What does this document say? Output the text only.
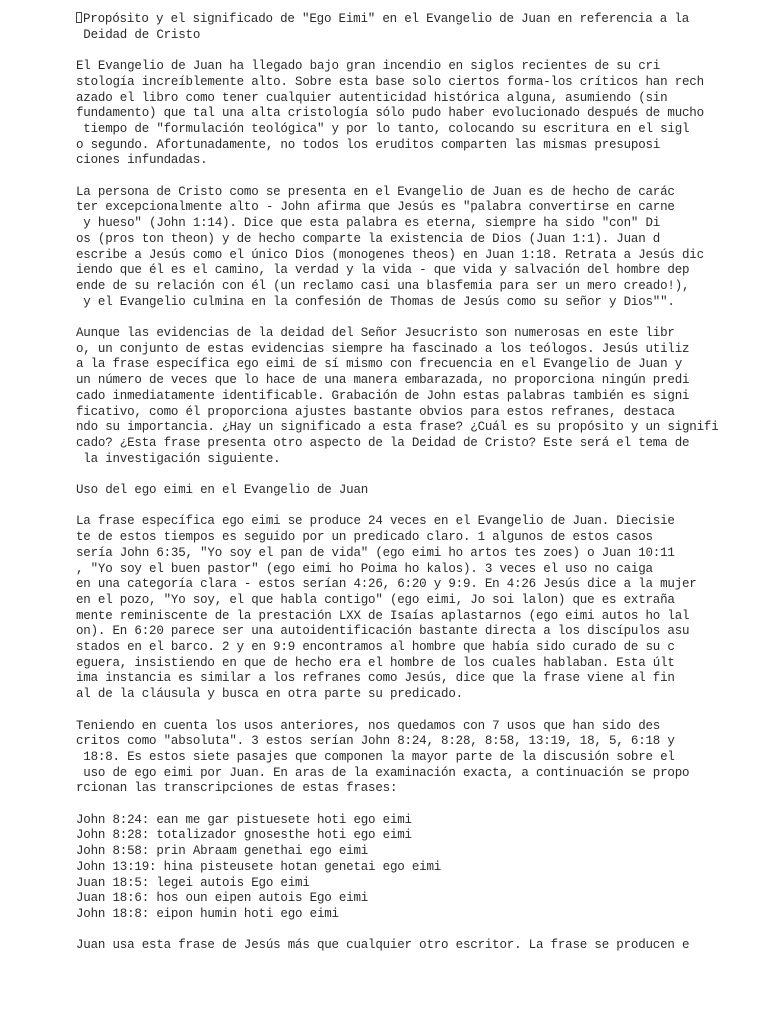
Propósito y el significado de "Ego Eimi" en el Evangelio de Juan en referencia a la
Deidad de Cristo
El Evangelio de Juan ha llegado bajo gran incendio en siglos recientes de su cri
stología increíblemente alto. Sobre esta base solo ciertos forma-los críticos han rech
azado el libro como tener cualquier autenticidad histórica alguna, asumiendo (sin
fundamento) que tal una alta cristología sólo pudo haber evolucionado después de mucho
tiempo de "formulación teológica" y por lo tanto, colocando su escritura en el sigl
o segundo. Afortunadamente, no todos los eruditos comparten las mismas presuposi
ciones infundadas.
La persona de Cristo como se presenta en el Evangelio de Juan es de hecho de carác
ter excepcionalmente alto - John afirma que Jesús es "palabra convertirse en carne
y hueso" (John 1:14). Dice que esta palabra es eterna, siempre ha sido "con" Di
os (pros ton theon) y de hecho comparte la existencia de Dios (Juan 1:1). Juan d
escribe a Jesús como el único Dios (monogenes theos) en Juan 1:18. Retrata a Jesús dic
iendo que él es el camino, la verdad y la vida - que vida y salvación del hombre dep
ende de su relación con él (un reclamo casi una blasfemia para ser un mero creado!),
y el Evangelio culmina en la confesión de Thomas de Jesús como su señor y Dios"".
Aunque las evidencias de la deidad del Señor Jesucristo son numerosas en este libr
o, un conjunto de estas evidencias siempre ha fascinado a los teólogos. Jesús utiliz
a la frase específica ego eimi de sí mismo con frecuencia en el Evangelio de Juan y
un número de veces que lo hace de una manera embarazada, no proporciona ningún predi
cado inmediatamente identificable. Grabación de John estas palabras también es signi
ficativo, como él proporciona ajustes bastante obvios para estos refranes, destaca
ndo su importancia. ¿Hay un significado a esta frase? ¿Cuál es su propósito y un signifi
cado? ¿Esta frase presenta otro aspecto de la Deidad de Cristo? Este será el tema de
la investigación siguiente.
Uso del ego eimi en el Evangelio de Juan
La frase específica ego eimi se produce 24 veces en el Evangelio de Juan. Diecisie
te de estos tiempos es seguido por un predicado claro. 1 algunos de estos casos
sería John 6:35, "Yo soy el pan de vida" (ego eimi ho artos tes zoes) o Juan 10:11
, "Yo soy el buen pastor" (ego eimi ho Poima ho kalos). 3 veces el uso no caiga
en una categoría clara - estos serían 4:26, 6:20 y 9:9. En 4:26 Jesús dice a la mujer
en el pozo, "Yo soy, el que habla contigo" (ego eimi, Jo soi lalon) que es extraña
mente reminiscente de la prestación LXX de Isaías aplastarnos (ego eimi autos ho lal
on). En 6:20 parece ser una autoidentificación bastante directa a los discípulos asu
stados en el barco. 2 y en 9:9 encontramos al hombre que había sido curado de su c
eguera, insistiendo en que de hecho era el hombre de los cuales hablaban. Esta últ
ima instancia es similar a los refranes como Jesús, dice que la frase viene al fin
al de la cláusula y busca en otra parte su predicado.
Teniendo en cuenta los usos anteriores, nos quedamos con 7 usos que han sido des
critos como "absoluta". 3 estos serían John 8:24, 8:28, 8:58, 13:19, 18, 5, 6:18 y
18:8. Es estos siete pasajes que componen la mayor parte de la discusión sobre el
uso de ego eimi por Juan. En aras de la examinación exacta, a continuación se propo
rcionan las transcripciones de estas frases:
John 8:24: ean me gar pistuesete hoti ego eimi
John 8:28: totalizador gnosesthe hoti ego eimi
John 8:58: prin Abraam genethai ego eimi
John 13:19: hina pisteusete hotan genetai ego eimi
Juan 18:5: legei autois Ego eimi
Juan 18:6: hos oun eipen autois Ego eimi
John 18:8: eipon humin hoti ego eimi
Juan usa esta frase de Jesús más que cualquier otro escritor. La frase se producen e
